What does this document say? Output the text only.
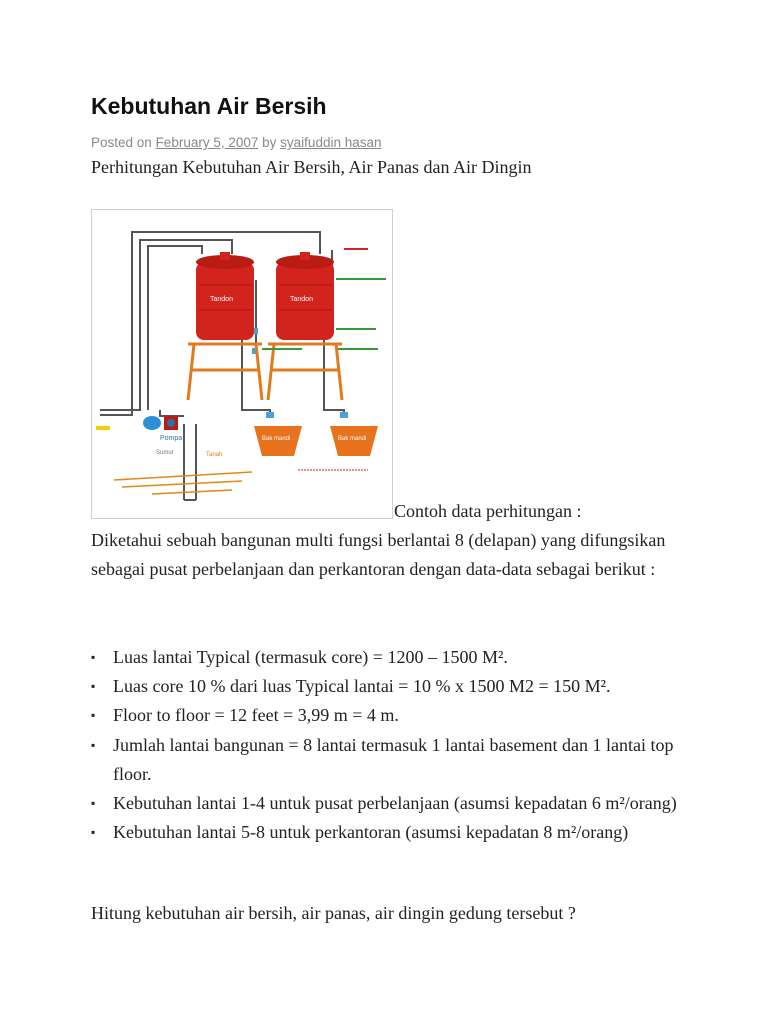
Kebutuhan Air Bersih
Posted on February 5, 2007 by syaifuddin hasan
Perhitungan Kebutuhan Air Bersih, Air Panas dan Air Dingin
Tandon	Tandon
Bak mandi	Bak mandi
Pompa
Sumur	Tanah
Contoh data perhitungan :

Diketahui sebuah bangunan multi fungsi berlantai 8 (delapan) yang difungsikan sebagai pusat perbelanjaan dan perkantoran dengan data-data sebagai berikut :

▪ Luas lantai Typical (termasuk core) = 1200 – 1500 M².
▪ Luas core 10 % dari luas Typical lantai = 10 % x 1500 M2 = 150 M².
▪ Floor to floor = 12 feet = 3,99 m = 4 m.
▪ Jumlah lantai bangunan = 8 lantai termasuk 1 lantai basement dan 1 lantai top floor.
▪ Kebutuhan lantai 1-4 untuk pusat perbelanjaan (asumsi kepadatan 6 m²/orang)
▪ Kebutuhan lantai 5-8 untuk perkantoran (asumsi kepadatan 8 m²/orang)
Hitung kebutuhan air bersih, air panas, air dingin gedung tersebut ?
